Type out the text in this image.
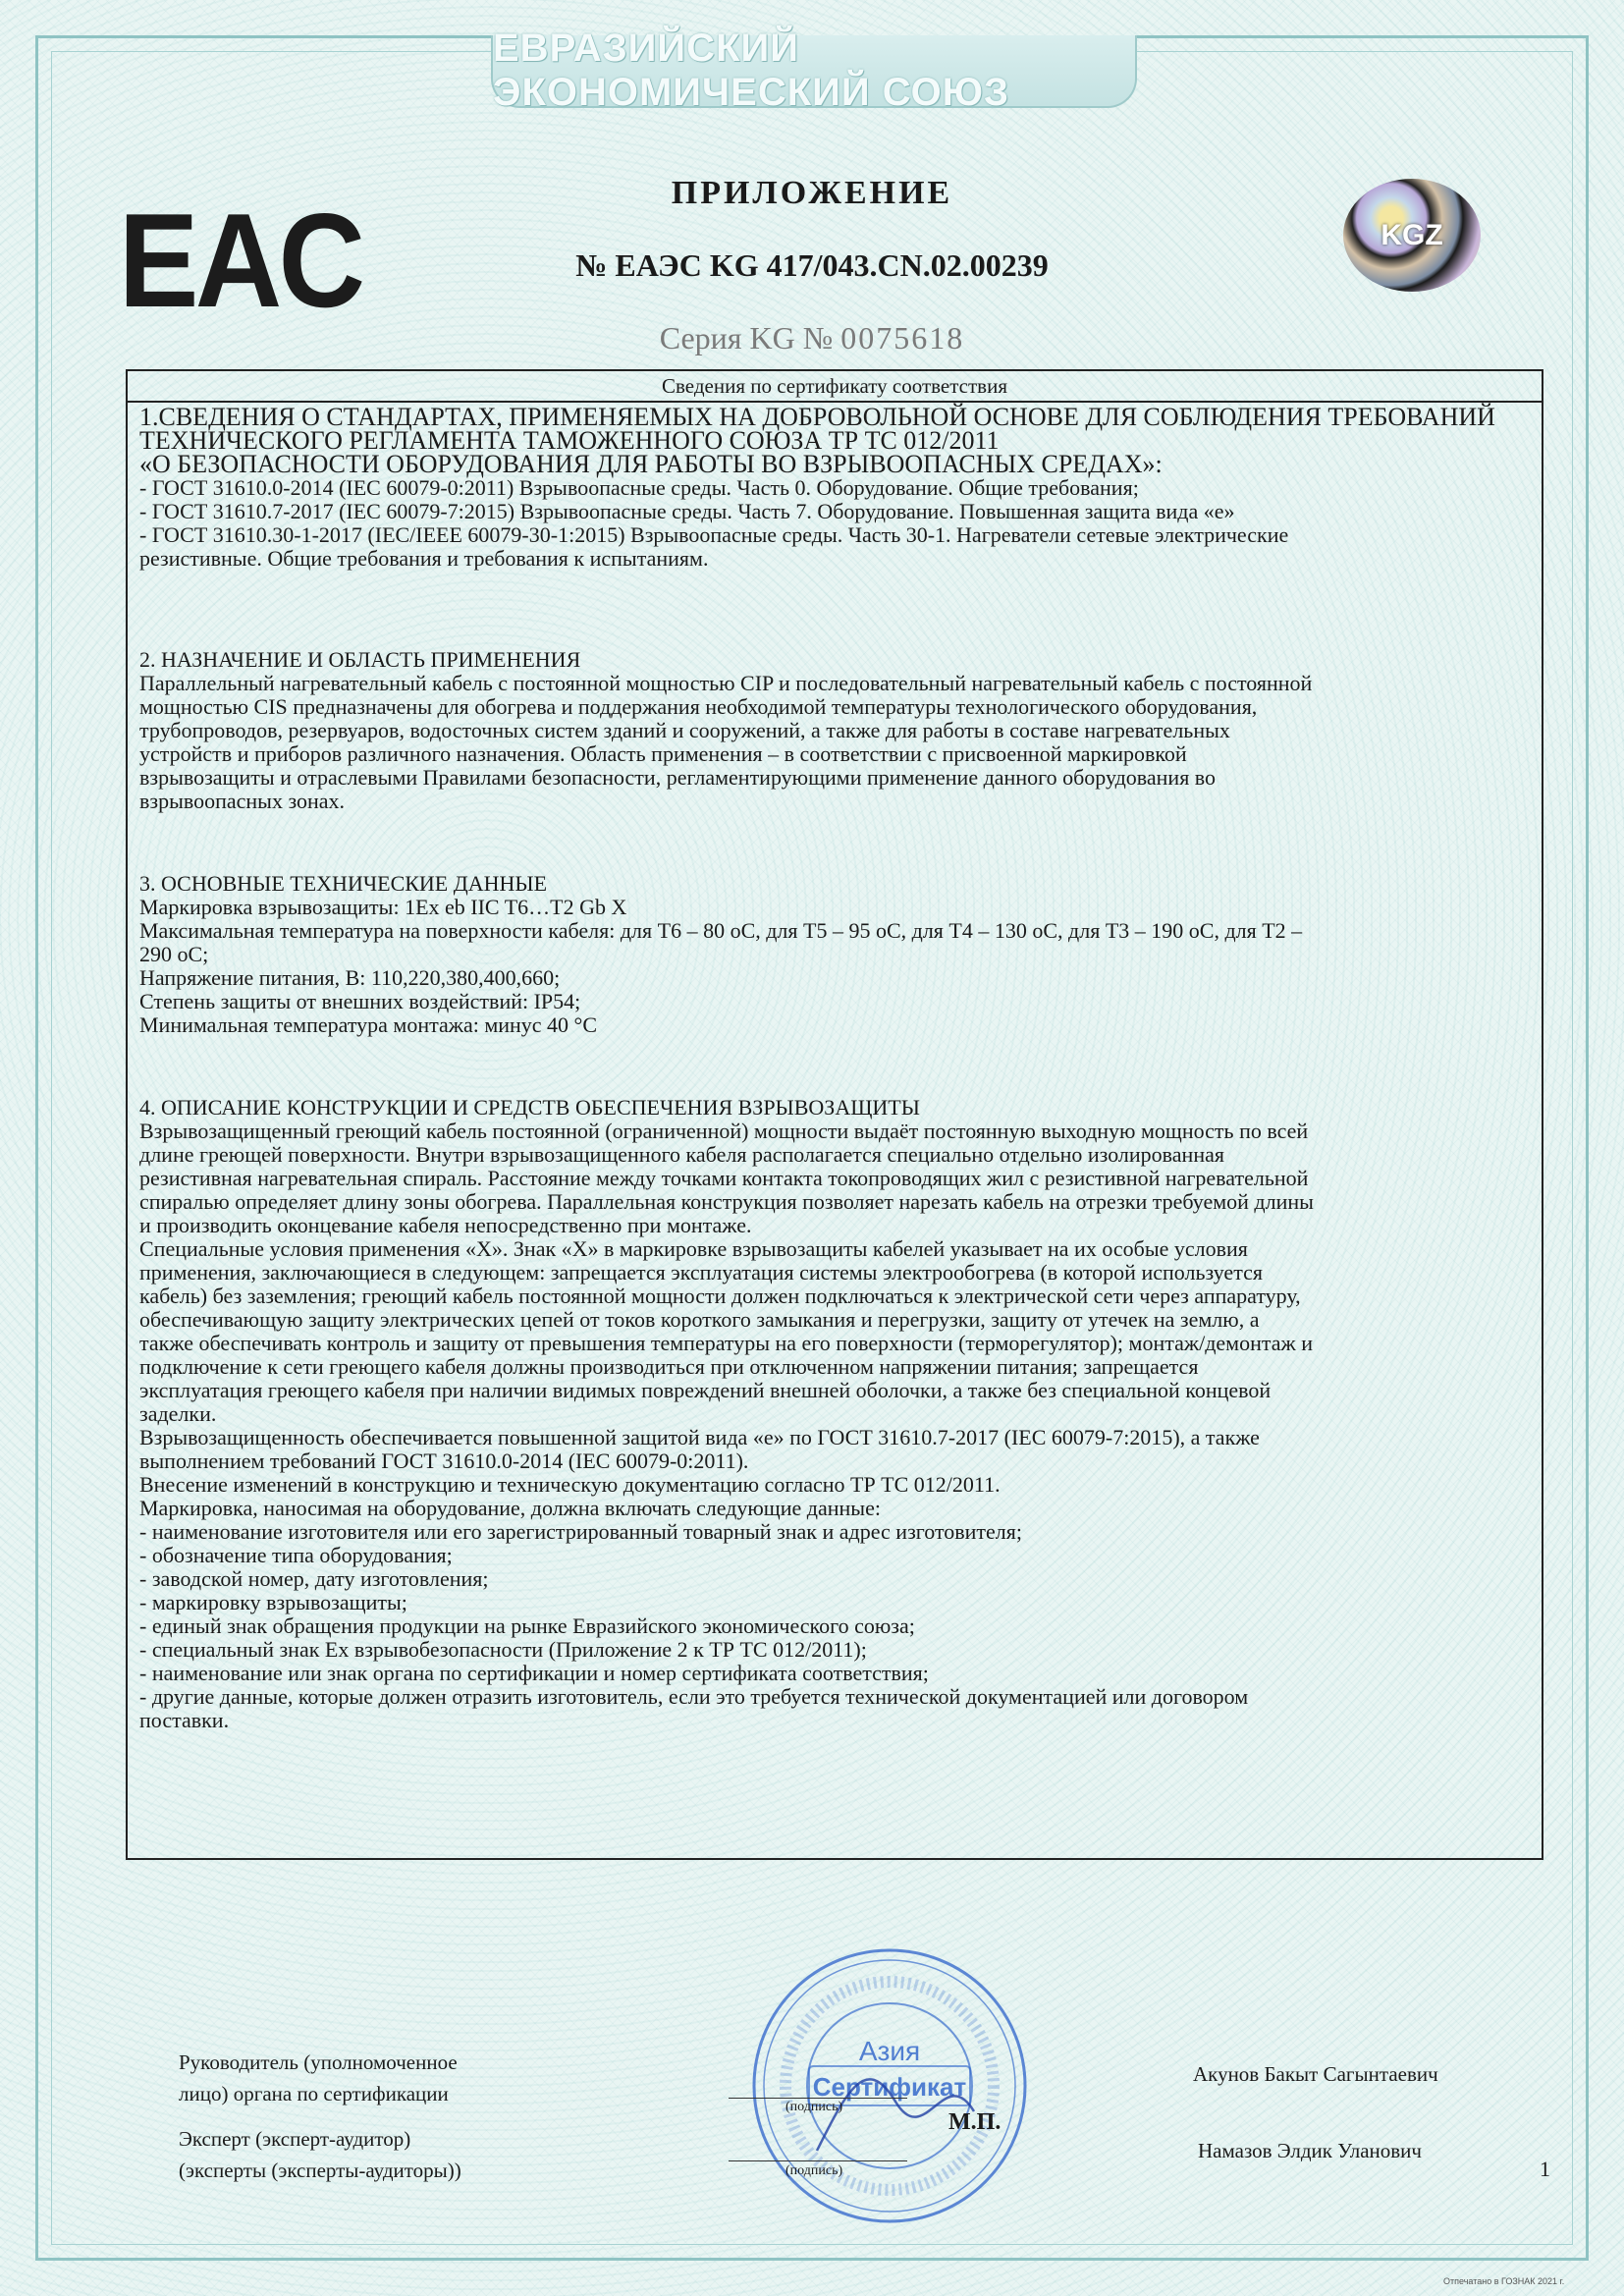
ЕВРАЗИЙСКИЙ ЭКОНОМИЧЕСКИЙ СОЮЗ
EAC	KGZ
ПРИЛОЖЕНИЕ
№ ЕАЭС KG 417/043.CN.02.00239
Серия KG № 0075618
Сведения по сертификату соответствия

1.СВЕДЕНИЯ О СТАНДАРТАХ, ПРИМЕНЯЕМЫХ НА ДОБРОВОЛЬНОЙ ОСНОВЕ ДЛЯ СОБЛЮДЕНИЯ ТРЕБОВАНИЙ

ТЕХНИЧЕСКОГО РЕГЛАМЕНТА ТАМОЖЕННОГО СОЮЗА ТР ТС 012/2011

«О БЕЗОПАСНОСТИ ОБОРУДОВАНИЯ ДЛЯ РАБОТЫ ВО ВЗРЫВООПАСНЫХ СРЕДАХ»:

- ГОСТ 31610.0-2014 (IEC 60079-0:2011) Взрывоопасные среды. Часть 0. Оборудование. Общие требования;

- ГОСТ 31610.7-2017 (IEC 60079-7:2015) Взрывоопасные среды. Часть 7. Оборудование. Повышенная защита вида «е»

- ГОСТ 31610.30-1-2017 (IEC/IEEE 60079-30-1:2015) Взрывоопасные среды. Часть 30-1. Нагреватели сетевые электрические

резистивные. Общие требования и требования к испытаниям.

2. НАЗНАЧЕНИЕ И ОБЛАСТЬ ПРИМЕНЕНИЯ

Параллельный нагревательный кабель с постоянной мощностью CIP и последовательный нагревательный кабель с постоянной

мощностью CIS предназначены для обогрева и поддержания необходимой температуры технологического оборудования,

трубопроводов, резервуаров, водосточных систем зданий и сооружений, а также для работы в составе нагревательных

устройств и приборов различного назначения. Область применения – в соответствии с присвоенной маркировкой

взрывозащиты и отраслевыми Правилами безопасности, регламентирующими применение данного оборудования во

взрывоопасных зонах.

3. ОСНОВНЫЕ ТЕХНИЧЕСКИЕ ДАННЫЕ

Маркировка взрывозащиты: 1Ex eb IIC T6…T2 Gb X

Максимальная температура на поверхности кабеля: для Т6 – 80 оС, для Т5 – 95 оС, для Т4 – 130 оС, для Т3 – 190 оС, для Т2 –

290 оС;

Напряжение питания, В: 110,220,380,400,660;

Степень защиты от внешних воздействий: IP54;

Минимальная температура монтажа: минус 40 °C

4. ОПИСАНИЕ КОНСТРУКЦИИ И СРЕДСТВ ОБЕСПЕЧЕНИЯ ВЗРЫВОЗАЩИТЫ

Взрывозащищенный греющий кабель постоянной (ограниченной) мощности выдаёт постоянную выходную мощность по всей

длине греющей поверхности. Внутри взрывозащищенного кабеля располагается специально отдельно изолированная

резистивная нагревательная спираль. Расстояние между точками контакта токопроводящих жил с резистивной нагревательной

спиралью определяет длину зоны обогрева. Параллельная конструкция позволяет нарезать кабель на отрезки требуемой длины

и производить оконцевание кабеля непосредственно при монтаже.

Специальные условия применения «Х». Знак «Х» в маркировке взрывозащиты кабелей указывает на их особые условия

применения, заключающиеся в следующем: запрещается эксплуатация системы электрообогрева (в которой используется

кабель) без заземления; греющий кабель постоянной мощности должен подключаться к электрической сети через аппаратуру,

обеспечивающую защиту электрических цепей от токов короткого замыкания и перегрузки, защиту от утечек на землю, а

также обеспечивать контроль и защиту от превышения температуры на его поверхности (терморегулятор); монтаж/демонтаж и

подключение к сети греющего кабеля должны производиться при отключенном напряжении питания; запрещается

эксплуатация греющего кабеля при наличии видимых повреждений внешней оболочки, а также без специальной концевой

заделки.

Взрывозащищенность обеспечивается повышенной защитой вида «е» по ГОСТ 31610.7-2017 (IEC 60079-7:2015), а также

выполнением требований ГОСТ 31610.0-2014 (IEC 60079-0:2011).

Внесение изменений в конструкцию и техническую документацию согласно ТР ТС 012/2011.

Маркировка, наносимая на оборудование, должна включать следующие данные:

- наименование изготовителя или его зарегистрированный товарный знак и адрес изготовителя;

- обозначение типа оборудования;

- заводской номер, дату изготовления;

- маркировку взрывозащиты;

- единый знак обращения продукции на рынке Евразийского экономического союза;

- специальный знак Ех взрывобезопасности (Приложение 2 к ТР ТС 012/2011);

- наименование или знак органа по сертификации и номер сертификата соответствия;

- другие данные, которые должен отразить изготовитель, если это требуется технической документацией или договором

поставки.

Азия
Сертификат
Руководитель (уполномоченное
лицо) органа по сертификации
Эксперт (эксперт-аудитор)
(эксперты (эксперты-аудиторы))
(подпись)
(подпись)
М.П.
Акунов Бакыт Сагынтаевич
Намазов Элдик Уланович
1
Отпечатано в ГОЗНАК 2021 г.
